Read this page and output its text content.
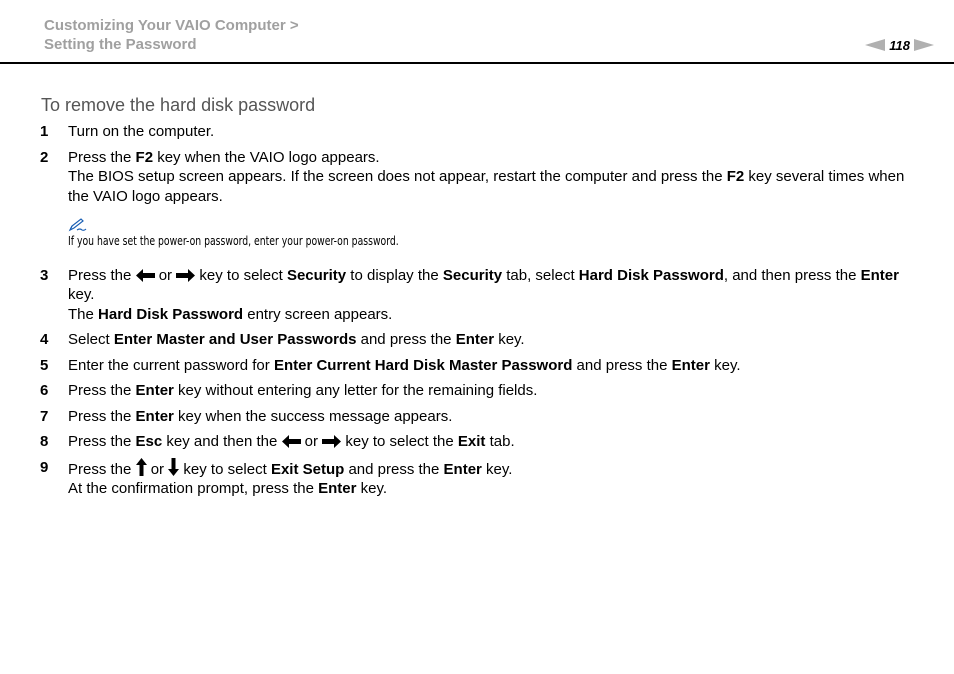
Customizing Your VAIO Computer >
Setting the Password	118
To remove the hard disk password
1	Turn on the computer.
2	Press the F2 key when the VAIO logo appears.
The BIOS setup screen appears. If the screen does not appear, restart the computer and press the F2 key several times when the VAIO logo appears.
If you have set the power-on password, enter your power-on password.
3	Press the  or  key to select Security to display the Security tab, select Hard Disk Password, and then press the Enter key.
The Hard Disk Password entry screen appears.
4	Select Enter Master and User Passwords and press the Enter key.
5	Enter the current password for Enter Current Hard Disk Master Password and press the Enter key.
6	Press the Enter key without entering any letter for the remaining fields.
7	Press the Enter key when the success message appears.
8	Press the Esc key and then the  or  key to select the Exit tab.
9	Press the  or  key to select Exit Setup and press the Enter key.
At the confirmation prompt, press the Enter key.
